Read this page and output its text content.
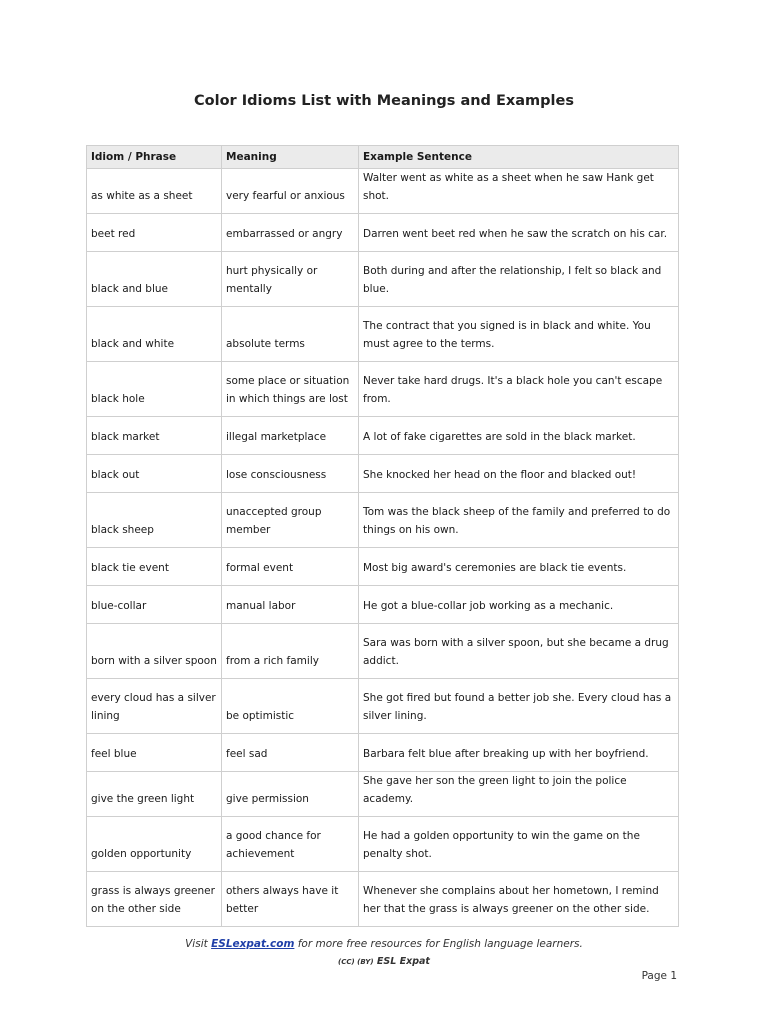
Color Idioms List with Meanings and Examples
Idiom / Phrase	Meaning	Example Sentence
as white as a sheet	very fearful or anxious	Walter went as white as a sheet when he saw Hank get shot.
beet red	embarrassed or angry	Darren went beet red when he saw the scratch on his car.
black and blue	hurt physically or mentally	Both during and after the relationship, I felt so black and blue.
black and white	absolute terms	The contract that you signed is in black and white. You must agree to the terms.
black hole	some place or situation in which things are lost	Never take hard drugs. It's a black hole you can't escape from.
black market	illegal marketplace	A lot of fake cigarettes are sold in the black market.
black out	lose consciousness	She knocked her head on the floor and blacked out!
black sheep	unaccepted group member	Tom was the black sheep of the family and preferred to do things on his own.
black tie event	formal event	Most big award's ceremonies are black tie events.
blue-collar	manual labor	He got a blue-collar job working as a mechanic.
born with a silver spoon	from a rich family	Sara was born with a silver spoon, but she became a drug addict.
every cloud has a silver lining	be optimistic	She got fired but found a better job she. Every cloud has a silver lining.
feel blue	feel sad	Barbara felt blue after breaking up with her boyfriend.
give the green light	give permission	She gave her son the green light to join the police academy.
golden opportunity	a good chance for achievement	He had a golden opportunity to win the game on the penalty shot.
grass is always greener on the other side	others always have it better	Whenever she complains about her hometown, I remind her that the grass is always greener on the other side.
Visit ESLexpat.com for more free resources for English language learners.
(CC) (BY) ESL Expat
Page 1
